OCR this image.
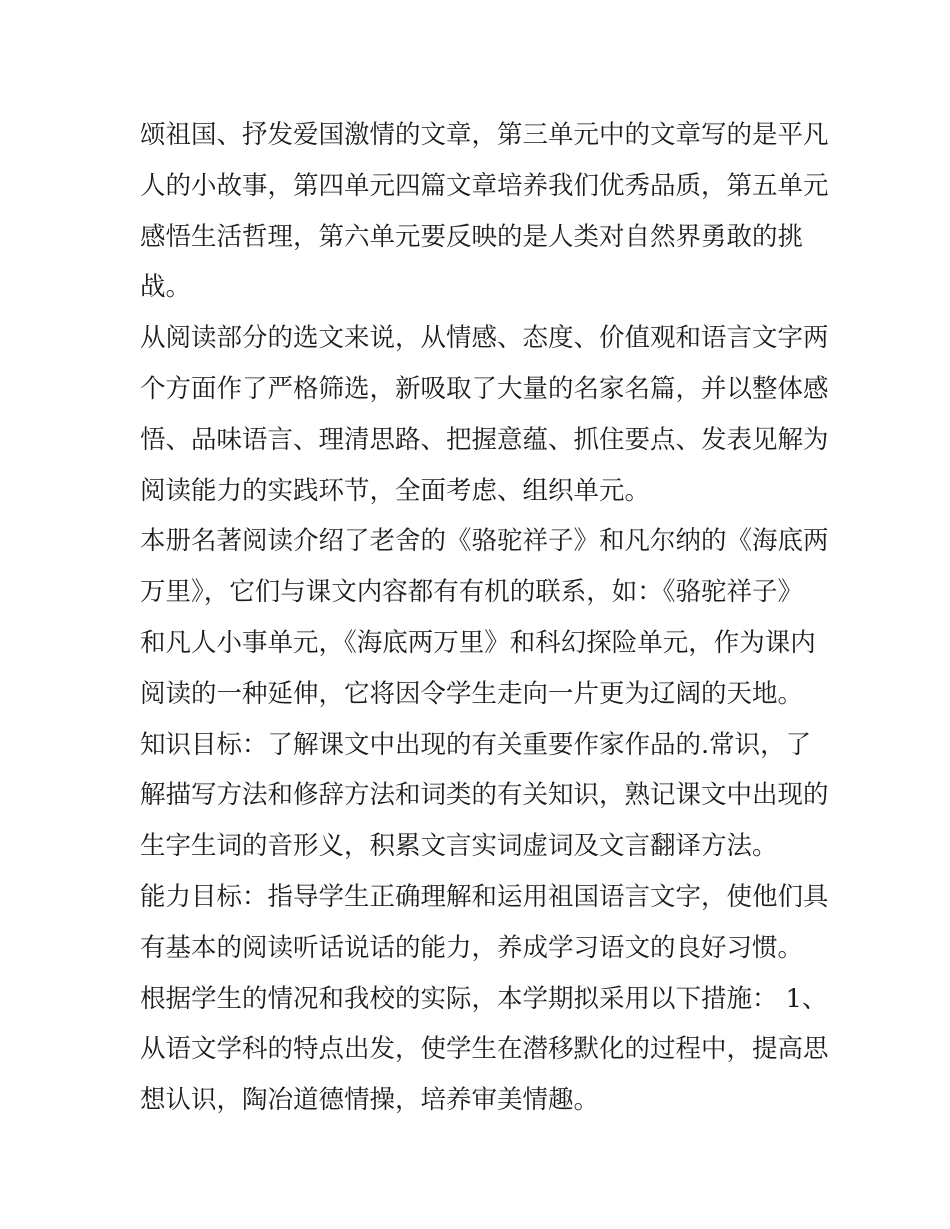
颂祖国、抒发爱国激情的文章，第三单元中的文章写的是平凡
人的小故事，第四单元四篇文章培养我们优秀品质，第五单元
感悟生活哲理，第六单元要反映的是人类对自然界勇敢的挑
战。

从阅读部分的选文来说，从情感、态度、价值观和语言文字两
个方面作了严格筛选，新吸取了大量的名家名篇，并以整体感
悟、品味语言、理清思路、把握意蕴、抓住要点、发表见解为
阅读能力的实践环节，全面考虑、组织单元。

本册名著阅读介绍了老舍的《骆驼祥子》和凡尔纳的《海底两
万里》，它们与课文内容都有有机的联系，如：《骆驼祥子》
和凡人小事单元，《海底两万里》和科幻探险单元，作为课内
阅读的一种延伸，它将因令学生走向一片更为辽阔的天地。

知识目标：了解课文中出现的有关重要作家作品的.常识，了
解描写方法和修辞方法和词类的有关知识，熟记课文中出现的
生字生词的音形义，积累文言实词虚词及文言翻译方法。

能力目标：指导学生正确理解和运用祖国语言文字，使他们具
有基本的阅读听话说话的能力，养成学习语文的良好习惯。

根据学生的情况和我校的实际，本学期拟采用以下措施： 1、
从语文学科的特点出发，使学生在潜移默化的过程中，提高思
想认识，陶冶道德情操，培养审美情趣。
